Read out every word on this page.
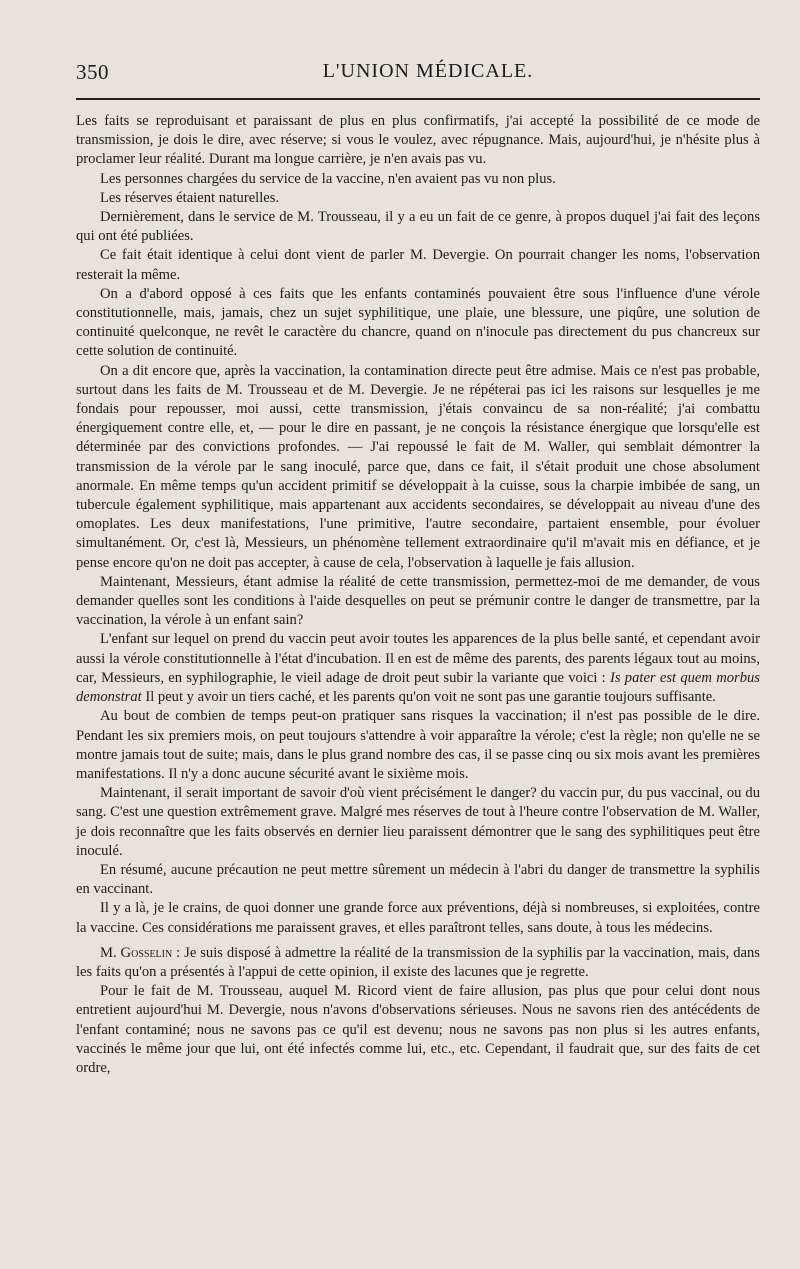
350	L'UNION MÉDICALE.

Les faits se reproduisant et paraissant de plus en plus confirmatifs, j'ai accepté la possibilité de ce mode de transmission, je dois le dire, avec réserve; si vous le voulez, avec répugnance. Mais, aujourd'hui, je n'hésite plus à proclamer leur réalité. Durant ma longue carrière, je n'en avais pas vu.

Les personnes chargées du service de la vaccine, n'en avaient pas vu non plus.

Les réserves étaient naturelles.

Dernièrement, dans le service de M. Trousseau, il y a eu un fait de ce genre, à propos duquel j'ai fait des leçons qui ont été publiées.

Ce fait était identique à celui dont vient de parler M. Devergie. On pourrait changer les noms, l'observation resterait la même.

On a d'abord opposé à ces faits que les enfants contaminés pouvaient être sous l'influence d'une vérole constitutionnelle, mais, jamais, chez un sujet syphilitique, une plaie, une blessure, une piqûre, une solution de continuité quelconque, ne revêt le caractère du chancre, quand on n'inocule pas directement du pus chancreux sur cette solution de continuité.

On a dit encore que, après la vaccination, la contamination directe peut être admise. Mais ce n'est pas probable, surtout dans les faits de M. Trousseau et de M. Devergie. Je ne répéterai pas ici les raisons sur lesquelles je me fondais pour repousser, moi aussi, cette transmission, j'étais convaincu de sa non-réalité; j'ai combattu énergiquement contre elle, et, — pour le dire en passant, je ne conçois la résistance énergique que lorsqu'elle est déterminée par des convictions profondes. — J'ai repoussé le fait de M. Waller, qui semblait démontrer la transmission de la vérole par le sang inoculé, parce que, dans ce fait, il s'était produit une chose absolument anormale. En même temps qu'un accident primitif se développait à la cuisse, sous la charpie imbibée de sang, un tubercule également syphilitique, mais appartenant aux accidents secondaires, se développait au niveau d'une des omoplates. Les deux manifestations, l'une primitive, l'autre secondaire, partaient ensemble, pour évoluer simultanément. Or, c'est là, Messieurs, un phénomène tellement extraordinaire qu'il m'avait mis en défiance, et je pense encore qu'on ne doit pas accepter, à cause de cela, l'observation à laquelle je fais allusion.

Maintenant, Messieurs, étant admise la réalité de cette transmission, permettez-moi de me demander, de vous demander quelles sont les conditions à l'aide desquelles on peut se prémunir contre le danger de transmettre, par la vaccination, la vérole à un enfant sain?

L'enfant sur lequel on prend du vaccin peut avoir toutes les apparences de la plus belle santé, et cependant avoir aussi la vérole constitutionnelle à l'état d'incubation. Il en est de même des parents, des parents légaux tout au moins, car, Messieurs, en syphilographie, le vieil adage de droit peut subir la variante que voici : Is pater est quem morbus demonstrat Il peut y avoir un tiers caché, et les parents qu'on voit ne sont pas une garantie toujours suffisante.

Au bout de combien de temps peut-on pratiquer sans risques la vaccination; il n'est pas possible de le dire. Pendant les six premiers mois, on peut toujours s'attendre à voir apparaître la vérole; c'est la règle; non qu'elle ne se montre jamais tout de suite; mais, dans le plus grand nombre des cas, il se passe cinq ou six mois avant les premières manifestations. Il n'y a donc aucune sécurité avant le sixième mois.

Maintenant, il serait important de savoir d'où vient précisément le danger? du vaccin pur, du pus vaccinal, ou du sang. C'est une question extrêmement grave. Malgré mes réserves de tout à l'heure contre l'observation de M. Waller, je dois reconnaître que les faits observés en dernier lieu paraissent démontrer que le sang des syphilitiques peut être inoculé.

En résumé, aucune précaution ne peut mettre sûrement un médecin à l'abri du danger de transmettre la syphilis en vaccinant.

Il y a là, je le crains, de quoi donner une grande force aux préventions, déjà si nombreuses, si exploitées, contre la vaccine. Ces considérations me paraissent graves, et elles paraîtront telles, sans doute, à tous les médecins.

M. Gosselin : Je suis disposé à admettre la réalité de la transmission de la syphilis par la vaccination, mais, dans les faits qu'on a présentés à l'appui de cette opinion, il existe des lacunes que je regrette.

Pour le fait de M. Trousseau, auquel M. Ricord vient de faire allusion, pas plus que pour celui dont nous entretient aujourd'hui M. Devergie, nous n'avons d'observations sérieuses. Nous ne savons rien des antécédents de l'enfant contaminé; nous ne savons pas ce qu'il est devenu; nous ne savons pas non plus si les autres enfants, vaccinés le même jour que lui, ont été infectés comme lui, etc., etc. Cependant, il faudrait que, sur des faits de cet ordre,
